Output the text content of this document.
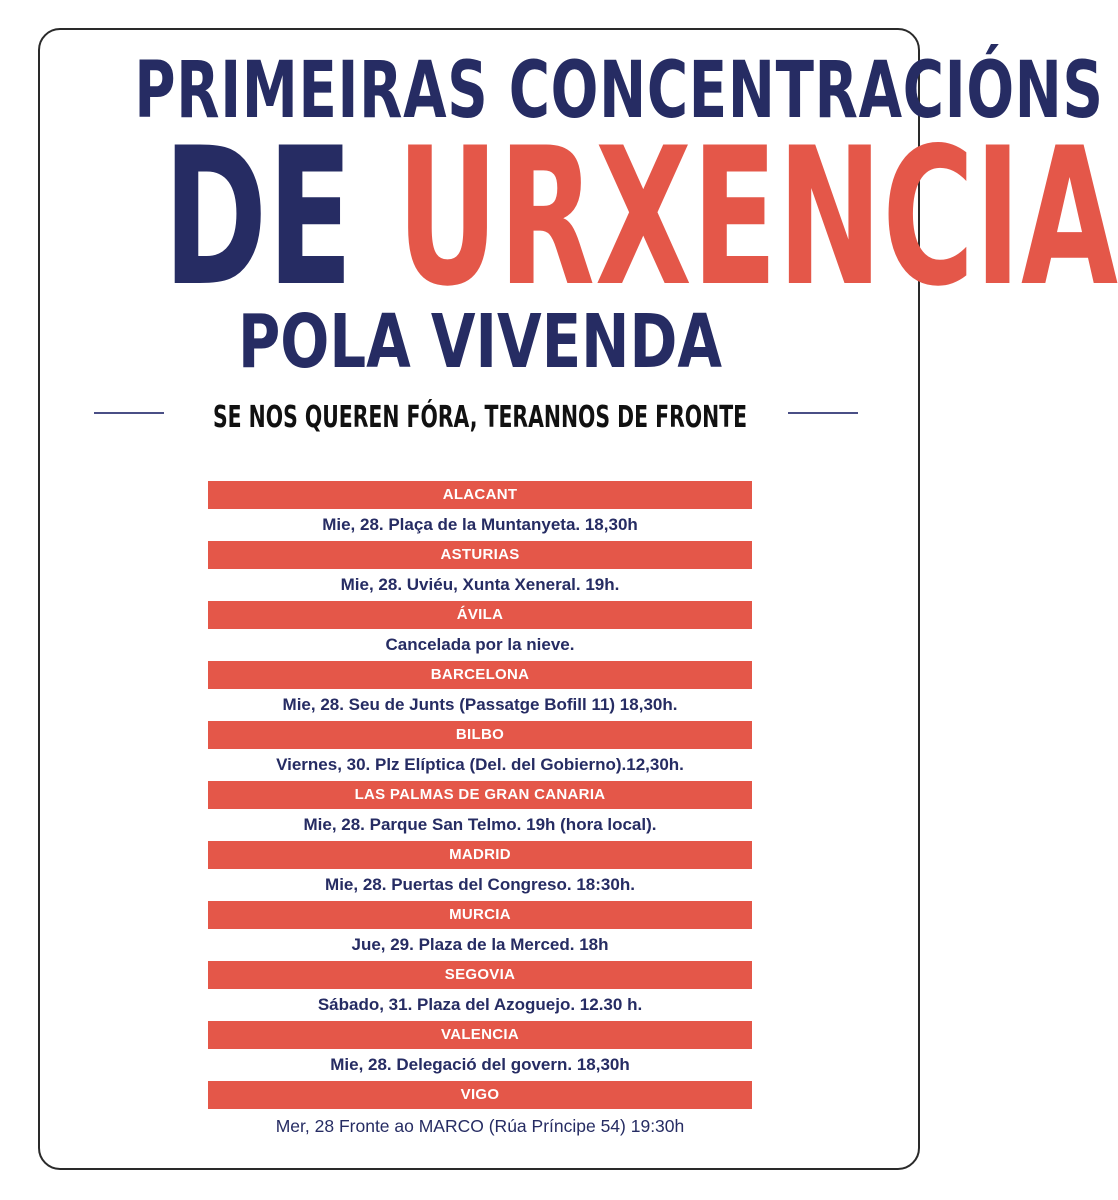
PRIMEIRAS CONCENTRACIÓNS
DE URXENCIA
POLA VIVENDA
SE NOS QUEREN FÓRA, TERANNOS DE FRONTE
ALACANT
Mie, 28. Plaça de la Muntanyeta. 18,30h
ASTURIAS
Mie, 28. Uviéu, Xunta Xeneral. 19h.
ÁVILA
Cancelada por la nieve.
BARCELONA
Mie, 28. Seu de Junts (Passatge Bofill 11) 18,30h.
BILBO
Viernes, 30. Plz Elíptica (Del. del Gobierno).12,30h.
LAS PALMAS DE GRAN CANARIA
Mie, 28. Parque San Telmo. 19h (hora local).
MADRID
Mie, 28. Puertas del Congreso. 18:30h.
MURCIA
Jue, 29. Plaza de la Merced. 18h
SEGOVIA
Sábado, 31. Plaza del Azoguejo. 12.30 h.
VALENCIA
Mie, 28. Delegació del govern. 18,30h
VIGO
Mer, 28 Fronte ao MARCO (Rúa Príncipe 54) 19:30h
